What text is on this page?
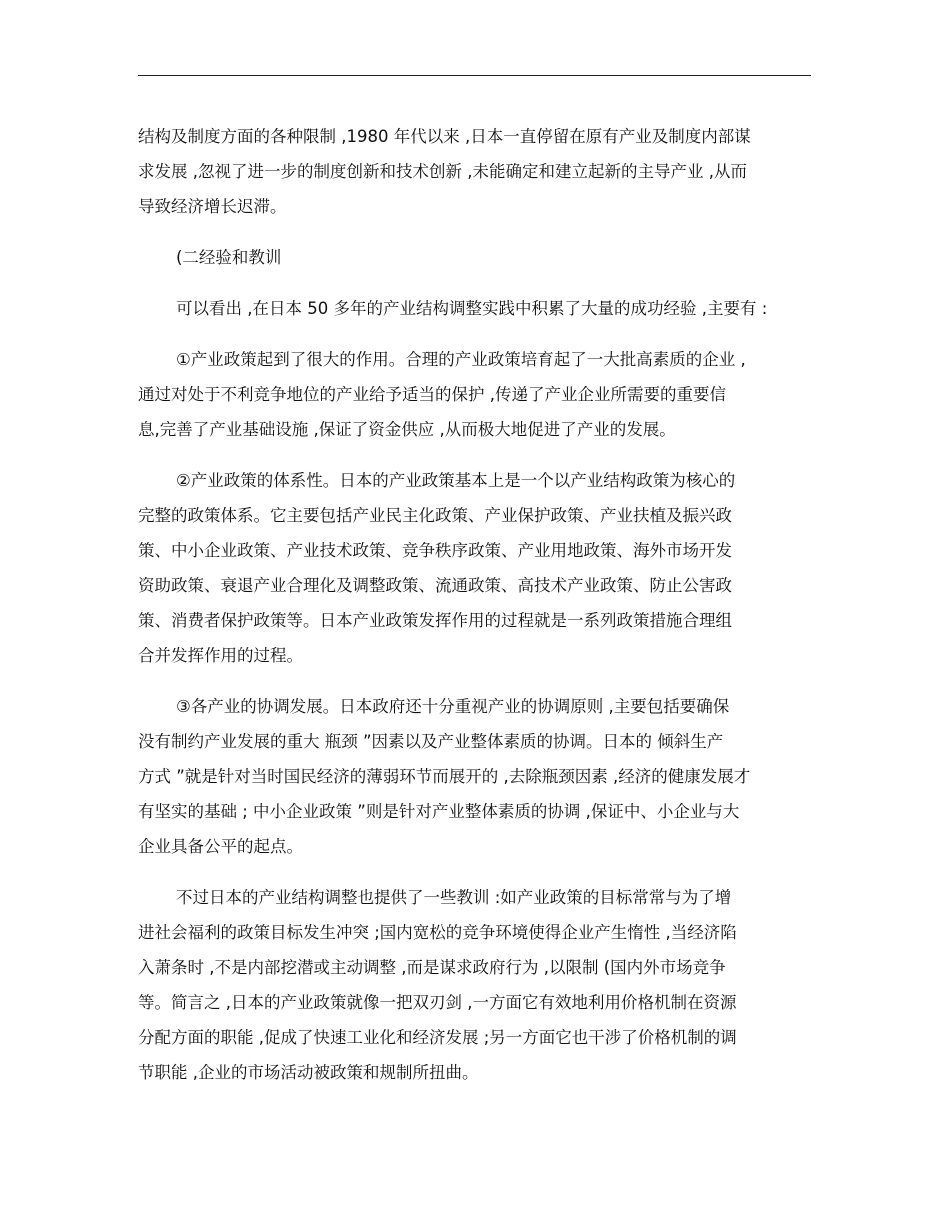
结构及制度方面的各种限制 ,1980 年代以来 ,日本一直停留在原有产业及制度内部谋
求发展 ,忽视了进一步的制度创新和技术创新 ,未能确定和建立起新的主导产业 ,从而
导致经济增长迟滞。
(二经验和教训
可以看出 ,在日本 50 多年的产业结构调整实践中积累了大量的成功经验 ,主要有 :
①产业政策起到了很大的作用。合理的产业政策培育起了一大批高素质的企业 ,
通过对处于不利竞争地位的产业给予适当的保护 ,传递了产业企业所需要的重要信
息,完善了产业基础设施 ,保证了资金供应 ,从而极大地促进了产业的发展。
②产业政策的体系性。日本的产业政策基本上是一个以产业结构政策为核心的
完整的政策体系。它主要包括产业民主化政策、产业保护政策、产业扶植及振兴政
策、中小企业政策、产业技术政策、竞争秩序政策、产业用地政策、海外市场开发
资助政策、衰退产业合理化及调整政策、流通政策、高技术产业政策、防止公害政
策、消费者保护政策等。日本产业政策发挥作用的过程就是一系列政策措施合理组
合并发挥作用的过程。
③各产业的协调发展。日本政府还十分重视产业的协调原则 ,主要包括要确保
没有制约产业发展的重大 瓶颈 ”因素以及产业整体素质的协调。日本的 倾斜生产
方式 ”就是针对当时国民经济的薄弱环节而展开的 ,去除瓶颈因素 ,经济的健康发展才
有坚实的基础 ; 中小企业政策 ”则是针对产业整体素质的协调 ,保证中、小企业与大
企业具备公平的起点。
不过日本的产业结构调整也提供了一些教训 :如产业政策的目标常常与为了增
进社会福利的政策目标发生冲突 ;国内宽松的竞争环境使得企业产生惰性 ,当经济陷
入萧条时 ,不是内部挖潜或主动调整 ,而是谋求政府行为 ,以限制 (国内外市场竞争
等。简言之 ,日本的产业政策就像一把双刃剑 ,一方面它有效地利用价格机制在资源
分配方面的职能 ,促成了快速工业化和经济发展 ;另一方面它也干涉了价格机制的调
节职能 ,企业的市场活动被政策和规制所扭曲。
